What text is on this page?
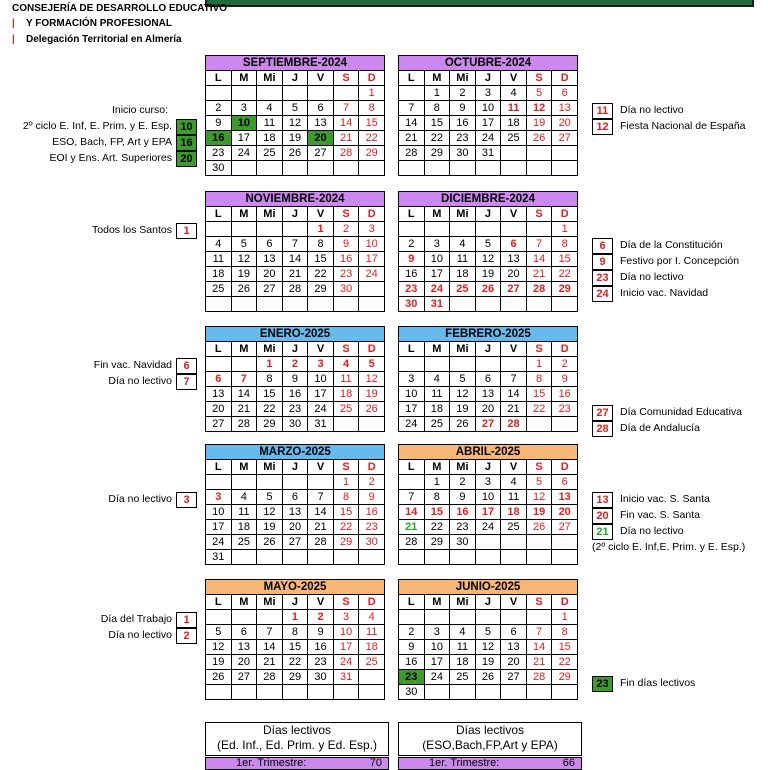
CONSEJERÍA DE DESARROLLO EDUCATIVO
| Y FORMACIÓN PROFESIONAL
| Delegación Territorial en Almería
SEPTIEMBRE-2024
L	M	Mi	J	V	S	D
						1
2	3	4	5	6	7	8
9	10	11	12	13	14	15
16	17	18	19	20	21	22
23	24	25	26	27	28	29
30						
OCTUBRE-2024
L	M	Mi	J	V	S	D
	1	2	3	4	5	6
7	8	9	10	11	12	13
14	15	16	17	18	19	20
21	22	23	24	25	26	27
28	29	30	31			

NOVIEMBRE-2024
L	M	Mi	J	V	S	D
				1	2	3
4	5	6	7	8	9	10
11	12	13	14	15	16	17
18	19	20	21	22	23	24
25	26	27	28	29	30	

DICIEMBRE-2024
L	M	Mi	J	V	S	D
						1
2	3	4	5	6	7	8
9	10	11	12	13	14	15
16	17	18	19	20	21	22
23	24	25	26	27	28	29
30	31					
ENERO-2025
L	M	Mi	J	V	S	D
		1	2	3	4	5
6	7	8	9	10	11	12
13	14	15	16	17	18	19
20	21	22	23	24	25	26
27	28	29	30	31		
FEBRERO-2025
L	M	Mi	J	V	S	D
					1	2
3	4	5	6	7	8	9
10	11	12	13	14	15	16
17	18	19	20	21	22	23
24	25	26	27	28		
MARZO-2025
L	M	Mi	J	V	S	D
					1	2
3	4	5	6	7	8	9
10	11	12	13	14	15	16
17	18	19	20	21	22	23
24	25	26	27	28	29	30
31						
ABRIL-2025
L	M	Mi	J	V	S	D
	1	2	3	4	5	6
7	8	9	10	11	12	13
14	15	16	17	18	19	20
21	22	23	24	25	26	27
28	29	30				

MAYO-2025
L	M	Mi	J	V	S	D
			1	2	3	4
5	6	7	8	9	10	11
12	13	14	15	16	17	18
19	20	21	22	23	24	25
26	27	28	29	30	31	

JUNIO-2025
L	M	Mi	J	V	S	D
						1
2	3	4	5	6	7	8
9	10	11	12	13	14	15
16	17	18	19	20	21	22
23	24	25	26	27	28	29
30						
Inicio curso:
2º ciclo E. Inf, E. Prim. y E. Esp. 10
ESO, Bach, FP, Art y EPA 16
EOI y Ens. Art. Superiores 20
Todos los Santos	1
Fin vac. Navidad	6
Día no lectivo	7
Día no lectivo	3
Día del Trabajo	1
Día no lectivo	2
11	Día no lectivo
12	Fiesta Nacional de España
6	Día de la Constitución
9	Festivo por I. Concepción
23	Día no lectivo
24	Inicio vac. Navidad
27	Día Comunidad Educativa
28	Día de Andalucía
13	Inicio vac. S. Santa
20	Fin vac. S. Santa
21	Día no lectivo
(2º ciclo E. Inf,E. Prim. y E. Esp.)
23	Fin días lectivos
Días lectivos
(Ed. Inf., Ed. Prim. y Ed. Esp.)
Días lectivos
(ESO,Bach,FP,Art y EPA)
1er. Trimestre:	70	1er. Trimestre:	66
